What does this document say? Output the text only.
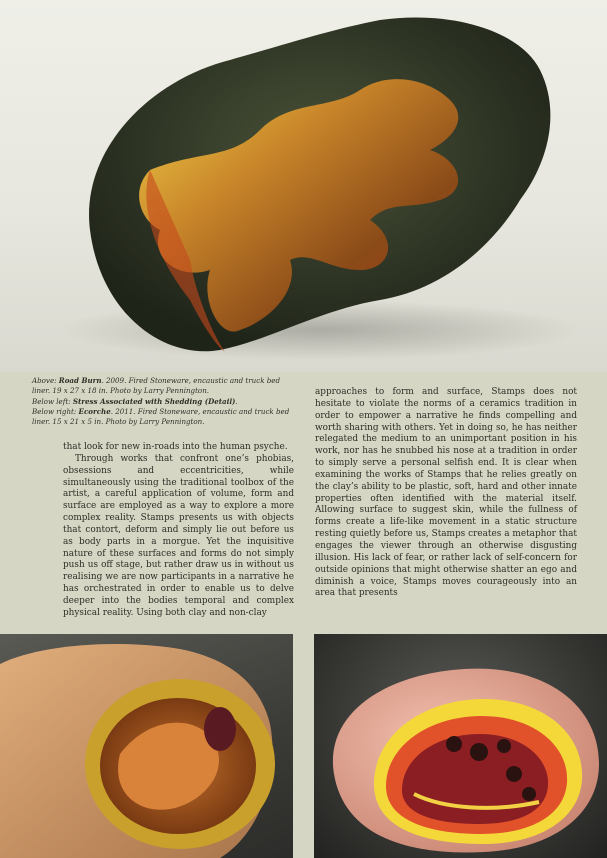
Above: Road Burn. 2009. Fired Stoneware, encaustic and truck bed liner. 19 x 27 x 18 in. Photo by Larry Pennington.

Below left: Stress Associated with Shedding (Detail).

Below right: Ecorche. 2011. Fired Stoneware, encaustic and truck bed liner. 15 x 21 x 5 in. Photo by Larry Pennington.

that look for new in-roads into the human psyche.

Through works that confront one’s phobias, obsessions and eccentricities, while simultaneously using the traditional toolbox of the artist, a careful application of volume, form and surface are employed as a way to explore a more complex reality. Stamps presents us with objects that contort, deform and simply lie out before us as body parts in a morgue. Yet the inquisitive nature of these surfaces and forms do not simply push us off stage, but rather draw us in without us realising we are now participants in a narrative he has orchestrated in order to enable us to delve deeper into the bodies temporal and complex physical reality. Using both clay and non-clay

approaches to form and surface, Stamps does not hesitate to violate the norms of a ceramics tradition in order to empower a narrative he finds compelling and worth sharing with others. Yet in doing so, he has neither relegated the medium to an unimportant position in his work, nor has he snubbed his nose at a tradition in order to simply serve a personal selfish end. It is clear when examining the works of Stamps that he relies greatly on the clay’s ability to be plastic, soft, hard and other innate properties often identified with the material itself. Allowing surface to suggest skin, while the fullness of forms create a life-like movement in a static structure resting quietly before us, Stamps creates a metaphor that engages the viewer through an otherwise disgusting illusion. His lack of fear, or rather lack of self-concern for outside opinions that might otherwise shatter an ego and diminish a voice, Stamps moves courageously into an area that presents
